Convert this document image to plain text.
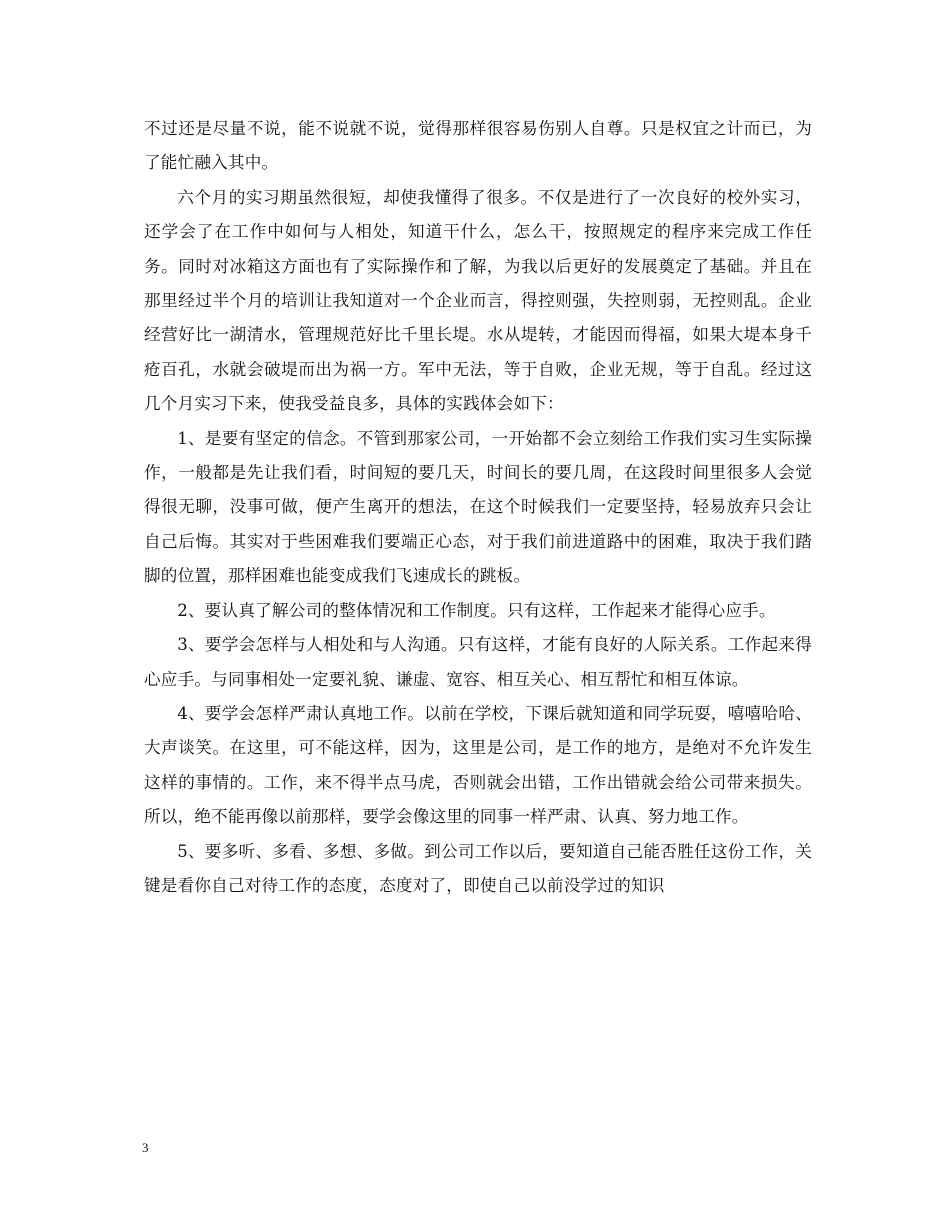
不过还是尽量不说，能不说就不说，觉得那样很容易伤别人自尊。只是权宜之计而已，为了能忙融入其中。

六个月的实习期虽然很短，却使我懂得了很多。不仅是进行了一次良好的校外实习，还学会了在工作中如何与人相处，知道干什么，怎么干，按照规定的程序来完成工作任务。同时对冰箱这方面也有了实际操作和了解，为我以后更好的发展奠定了基础。并且在那里经过半个月的培训让我知道对一个企业而言，得控则强，失控则弱，无控则乱。企业经营好比一湖清水，管理规范好比千里长堤。水从堤转，才能因而得福，如果大堤本身千疮百孔，水就会破堤而出为祸一方。军中无法，等于自败，企业无规，等于自乱。经过这几个月实习下来，使我受益良多，具体的实践体会如下：

1、是要有坚定的信念。不管到那家公司，一开始都不会立刻给工作我们实习生实际操作，一般都是先让我们看，时间短的要几天，时间长的要几周，在这段时间里很多人会觉得很无聊，没事可做，便产生离开的想法，在这个时候我们一定要坚持，轻易放弃只会让自己后悔。其实对于些困难我们要端正心态，对于我们前进道路中的困难，取决于我们踏脚的位置，那样困难也能变成我们飞速成长的跳板。

2、要认真了解公司的整体情况和工作制度。只有这样，工作起来才能得心应手。

3、要学会怎样与人相处和与人沟通。只有这样，才能有良好的人际关系。工作起来得心应手。与同事相处一定要礼貌、谦虚、宽容、相互关心、相互帮忙和相互体谅。

4、要学会怎样严肃认真地工作。以前在学校，下课后就知道和同学玩耍，嘻嘻哈哈、大声谈笑。在这里，可不能这样，因为，这里是公司，是工作的地方，是绝对不允许发生这样的事情的。工作，来不得半点马虎，否则就会出错，工作出错就会给公司带来损失。所以，绝不能再像以前那样，要学会像这里的同事一样严肃、认真、努力地工作。

5、要多听、多看、多想、多做。到公司工作以后，要知道自己能否胜任这份工作，关键是看你自己对待工作的态度，态度对了，即使自己以前没学过的知识

3
